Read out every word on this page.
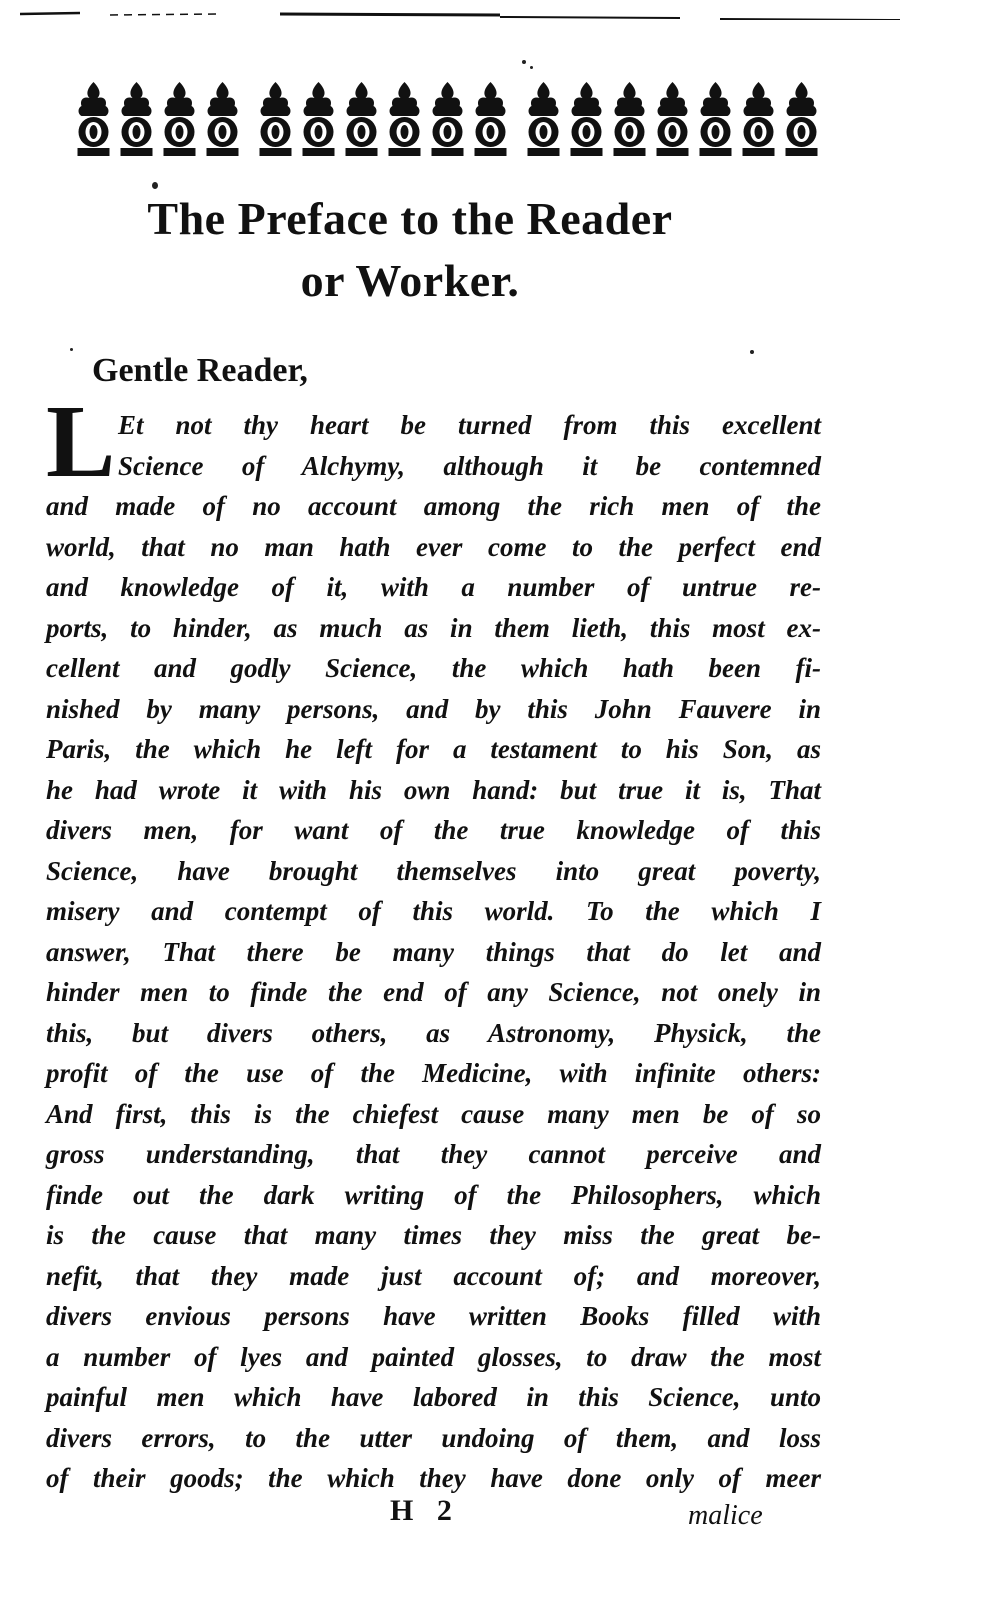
The Preface to the Reader
or Worker.
Gentle Reader,
L Et not thy heart be turned from this excellent
Science of Alchymy, although it be contemned
and made of no account among the rich men of the
world, that no man hath ever come to the perfect end
and knowledge of it, with a number of untrue re-
ports, to hinder, as much as in them lieth, this most ex-
cellent and godly Science, the which hath been fi-
nished by many persons, and by this John Fauvere in
Paris, the which he left for a testament to his Son, as
he had wrote it with his own hand: but true it is, That
divers men, for want of the true knowledge of this
Science, have brought themselves into great poverty,
misery and contempt of this world. To the which I
answer, That there be many things that do let and
hinder men to finde the end of any Science, not onely in
this, but divers others, as Astronomy, Physick, the
profit of the use of the Medicine, with infinite others:
And first, this is the chiefest cause many men be of so
gross understanding, that they cannot perceive and
finde out the dark writing of the Philosophers, which
is the cause that many times they miss the great be-
nefit, that they made just account of; and moreover,
divers envious persons have written Books filled with
a number of lyes and painted glosses, to draw the most
painful men which have labored in this Science, unto
divers errors, to the utter undoing of them, and loss
of their goods; the which they have done only of meer
H 2	malice
